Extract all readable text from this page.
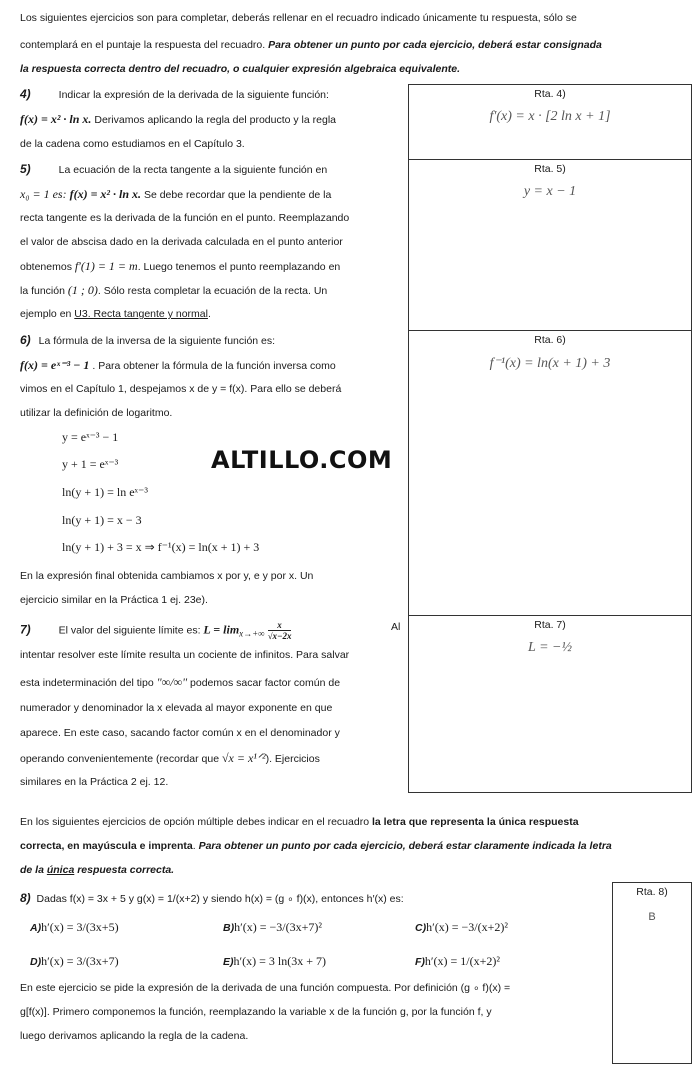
Los siguientes ejercicios son para completar, deberás rellenar en el recuadro indicado únicamente tu respuesta, sólo se
contemplará en el puntaje la respuesta del recuadro. Para obtener un punto por cada ejercicio, deberá estar consignada
la respuesta correcta dentro del recuadro, o cualquier expresión algebraica equivalente.
4)	Indicar la expresión de la derivada de la siguiente función:
f(x) = x² · ln x. Derivamos aplicando la regla del producto y la regla
de la cadena como estudiamos en el Capítulo 3.
Rta. 4)
f′(x) = x · [2 ln x + 1]
5)	La ecuación de la recta tangente a la siguiente función en
x₀ = 1 es: f(x) = x² · ln x. Se debe recordar que la pendiente de la
recta tangente es la derivada de la función en el punto. Reemplazando
el valor de abscisa dado en la derivada calculada en el punto anterior
obtenemos f′(1) = 1 = m. Luego tenemos el punto reemplazando en
la función (1 ; 0). Sólo resta completar la ecuación de la recta. Un
ejemplo en U3. Recta tangente y normal.
Rta. 5)
y = x − 1
6) La fórmula de la inversa de la siguiente función es:
f(x) = eˣ⁻³ − 1 . Para obtener la fórmula de la función inversa como
vimos en el Capítulo 1, despejamos x de y = f(x). Para ello se deberá
utilizar la definición de logaritmo.
y = eˣ⁻³ − 1
y + 1 = eˣ⁻³
ln(y + 1) = ln eˣ⁻³
ln(y + 1) = x − 3
ln(y + 1) + 3 = x ⇒ f⁻¹(x) = ln(x + 1) + 3
En la expresión final obtenida cambiamos x por y, e y por x. Un
ejercicio similar en la Práctica 1 ej. 23e).
Rta. 6)
f⁻¹(x) = ln(x + 1) + 3
ALTILLO.COM
7)	El valor del siguiente límite es: $L = \lim_{x\to+\infty} \frac{x}{√x-2x}$	Al
intentar resolver este límite resulta un cociente de infinitos. Para salvar
esta indeterminación del tipo "∞/∞" podemos sacar factor común de
numerador y denominador la x elevada al mayor exponente en que
aparece. En este caso, sacando factor común x en el denominador y
operando convenientemente (recordar que √x = x¹ᐟ²). Ejercicios
similares en la Práctica 2 ej. 12.
Rta. 7)
L = −½
En los siguientes ejercicios de opción múltiple debes indicar en el recuadro la letra que representa la única respuesta
correcta, en mayúscula e imprenta. Para obtener un punto por cada ejercicio, deberá estar claramente indicada la letra
de la única respuesta correcta.
8) Dadas f(x) = 3x + 5 y g(x) = 1/(x+2) y siendo h(x) = (g ∘ f)(x), entonces h′(x) es:
A)h′(x) = 3/(3x+5)	B)h′(x) = −3/(3x+7)²	C)h′(x) = −3/(x+2)²
D)h′(x) = 3/(3x+7)	E)h′(x) = 3 ln(3x + 7)	F)h′(x) = 1/(x+2)²
En este ejercicio se pide la expresión de la derivada de una función compuesta. Por definición (g ∘ f)(x) =
g[f(x)]. Primero componemos la función, reemplazando la variable x de la función g, por la función f, y
luego derivamos aplicando la regla de la cadena.
Rta. 8)
B
